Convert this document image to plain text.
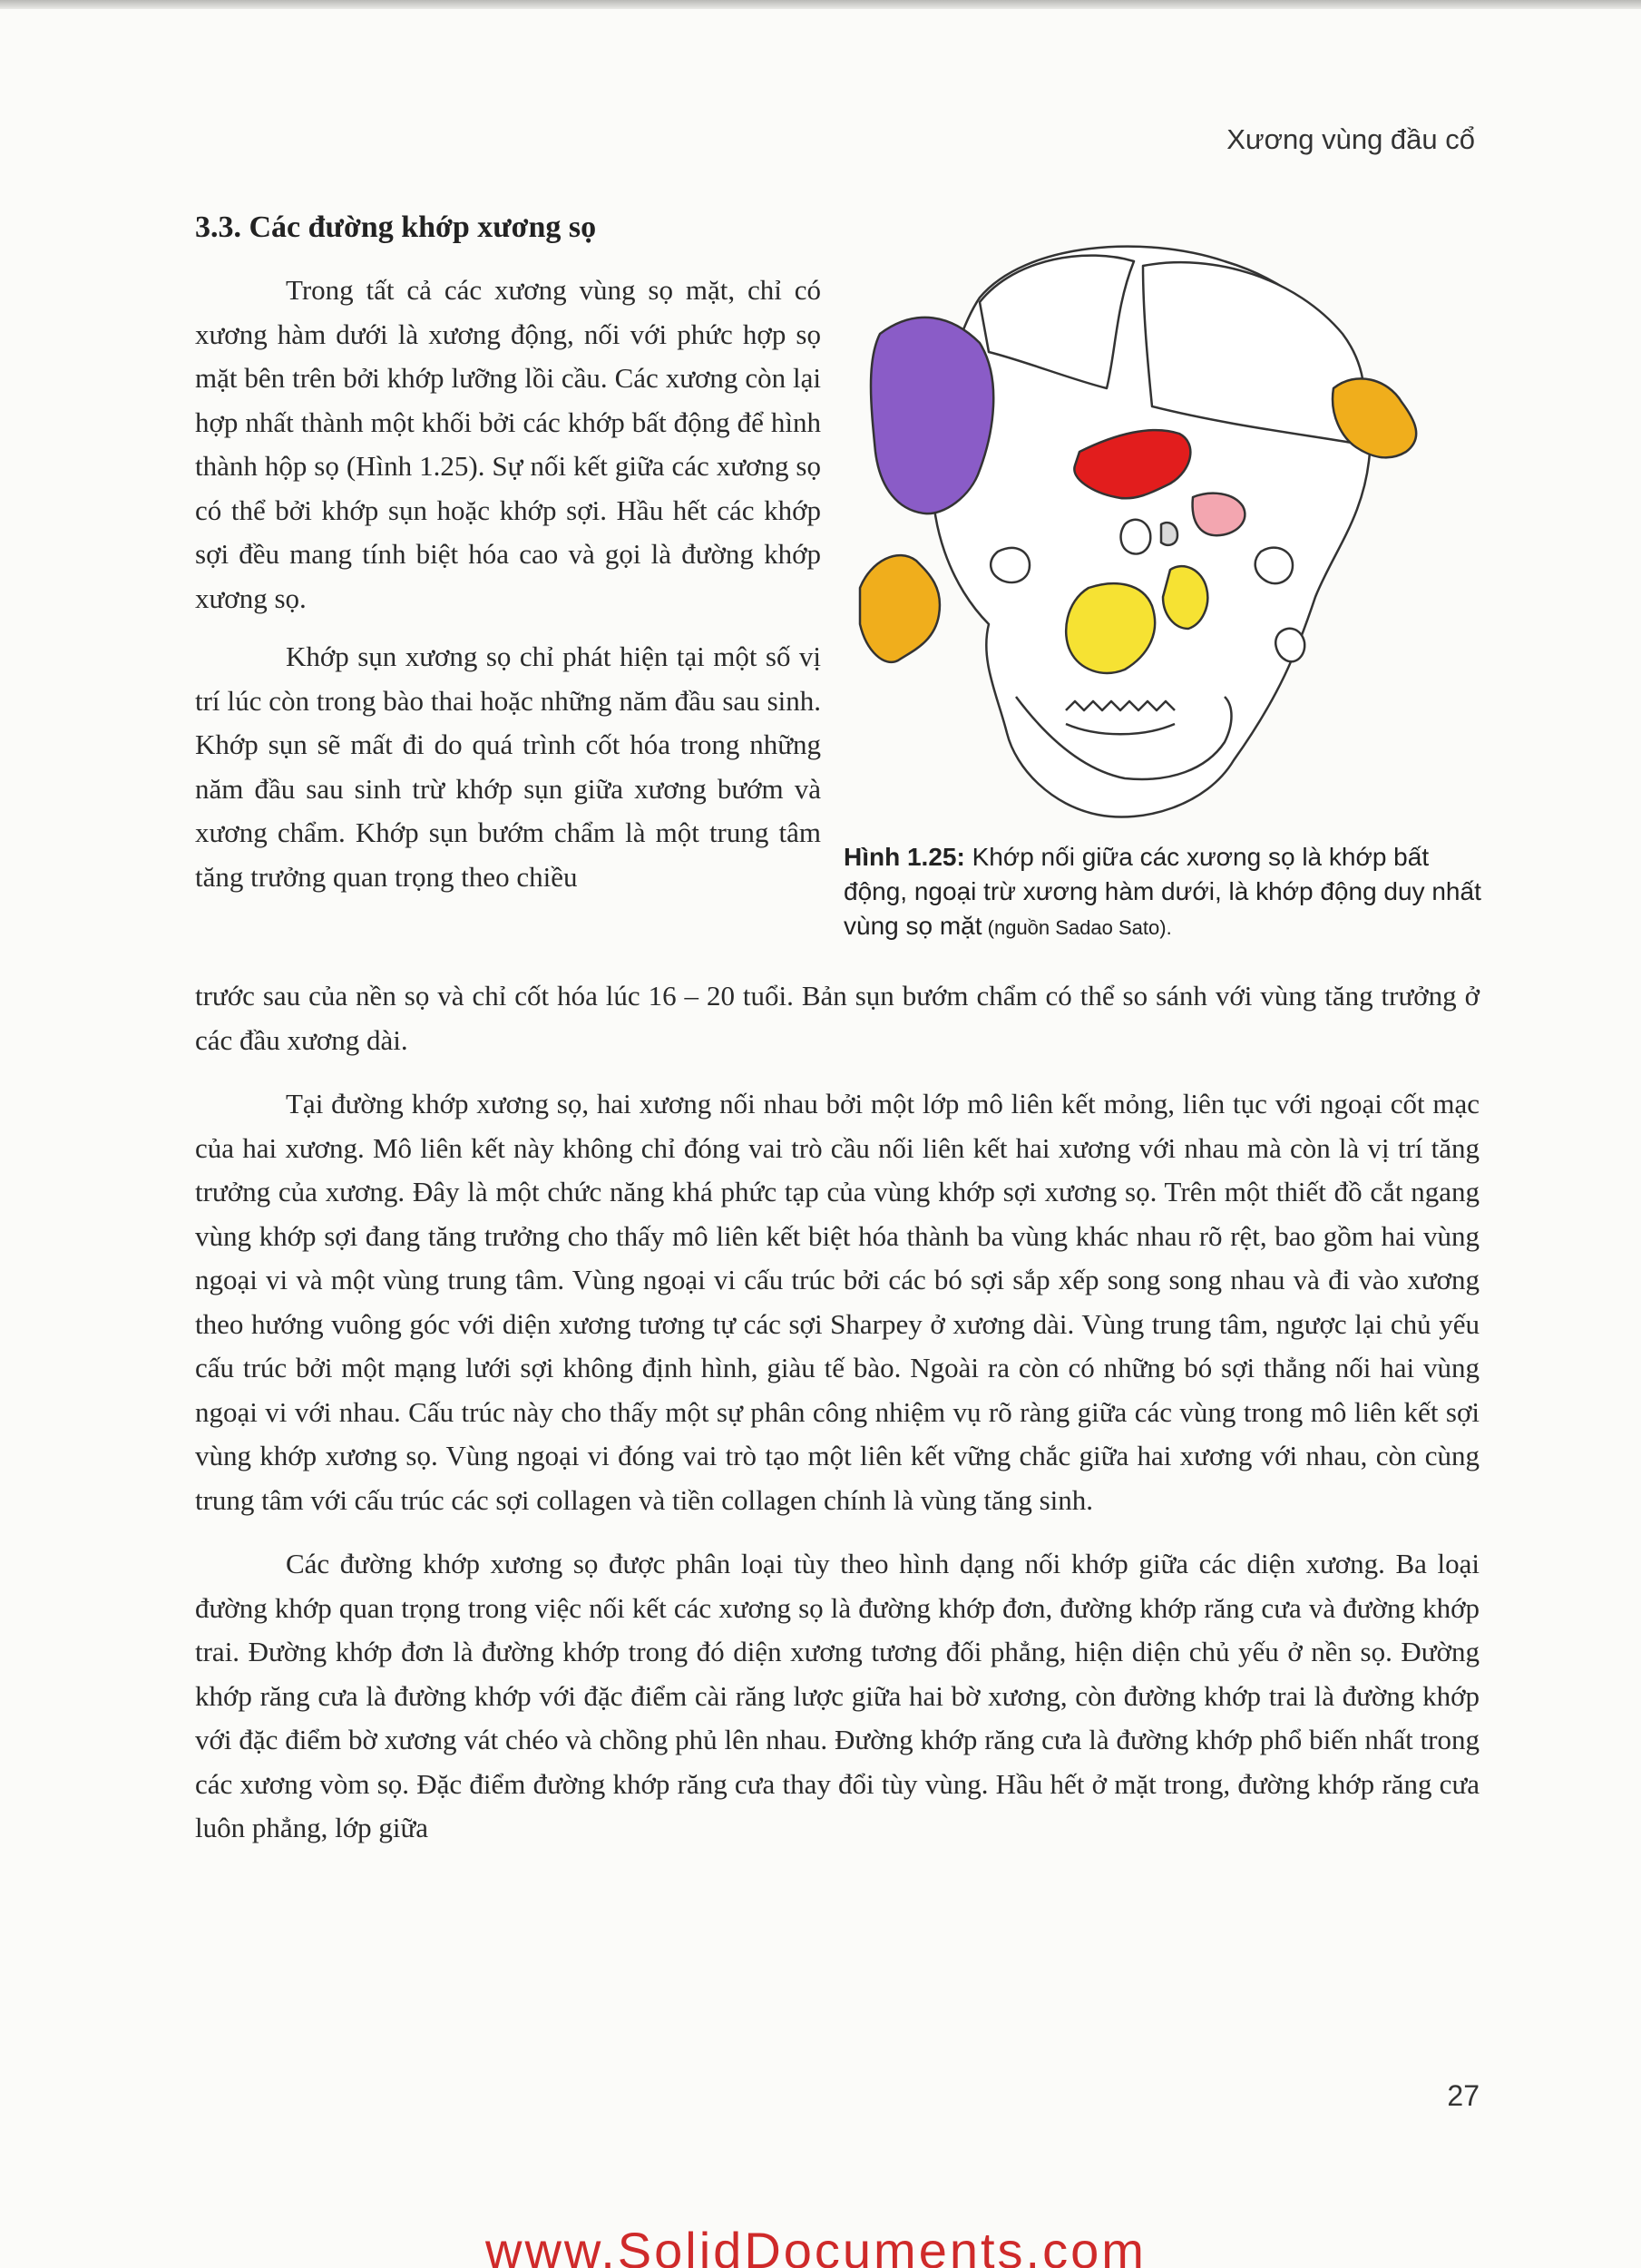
Xương vùng đầu cổ
3.3. Các đường khớp xương sọ

Trong tất cả các xương vùng sọ mặt, chỉ có xương hàm dưới là xương động, nối với phức hợp sọ mặt bên trên bởi khớp lưỡng lồi cầu. Các xương còn lại hợp nhất thành một khối bởi các khớp bất động để hình thành hộp sọ (Hình 1.25). Sự nối kết giữa các xương sọ có thể bởi khớp sụn hoặc khớp sợi. Hầu hết các khớp sợi đều mang tính biệt hóa cao và gọi là đường khớp xương sọ.

Khớp sụn xương sọ chỉ phát hiện tại một số vị trí lúc còn trong bào thai hoặc những năm đầu sau sinh. Khớp sụn sẽ mất đi do quá trình cốt hóa trong những năm đầu sau sinh trừ khớp sụn giữa xương bướm và xương chẩm. Khớp sụn bướm chẩm là một trung tâm tăng trưởng quan trọng theo chiều

Hình 1.25: Khớp nối giữa các xương sọ là khớp bất động, ngoại trừ xương hàm dưới, là khớp động duy nhất vùng sọ mặt (nguồn Sadao Sato).

trước sau của nền sọ và chỉ cốt hóa lúc 16 – 20 tuổi. Bản sụn bướm chẩm có thể so sánh với vùng tăng trưởng ở các đầu xương dài.

Tại đường khớp xương sọ, hai xương nối nhau bởi một lớp mô liên kết mỏng, liên tục với ngoại cốt mạc của hai xương. Mô liên kết này không chỉ đóng vai trò cầu nối liên kết hai xương với nhau mà còn là vị trí tăng trưởng của xương. Đây là một chức năng khá phức tạp của vùng khớp sợi xương sọ. Trên một thiết đồ cắt ngang vùng khớp sợi đang tăng trưởng cho thấy mô liên kết biệt hóa thành ba vùng khác nhau rõ rệt, bao gồm hai vùng ngoại vi và một vùng trung tâm. Vùng ngoại vi cấu trúc bởi các bó sợi sắp xếp song song nhau và đi vào xương theo hướng vuông góc với diện xương tương tự các sợi Sharpey ở xương dài. Vùng trung tâm, ngược lại chủ yếu cấu trúc bởi một mạng lưới sợi không định hình, giàu tế bào. Ngoài ra còn có những bó sợi thẳng nối hai vùng ngoại vi với nhau. Cấu trúc này cho thấy một sự phân công nhiệm vụ rõ ràng giữa các vùng trong mô liên kết sợi vùng khớp xương sọ. Vùng ngoại vi đóng vai trò tạo một liên kết vững chắc giữa hai xương với nhau, còn cùng trung tâm với cấu trúc các sợi collagen và tiền collagen chính là vùng tăng sinh.

Các đường khớp xương sọ được phân loại tùy theo hình dạng nối khớp giữa các diện xương. Ba loại đường khớp quan trọng trong việc nối kết các xương sọ là đường khớp đơn, đường khớp răng cưa và đường khớp trai. Đường khớp đơn là đường khớp trong đó diện xương tương đối phẳng, hiện diện chủ yếu ở nền sọ. Đường khớp răng cưa là đường khớp với đặc điểm cài răng lược giữa hai bờ xương, còn đường khớp trai là đường khớp với đặc điểm bờ xương vát chéo và chồng phủ lên nhau. Đường khớp răng cưa là đường khớp phổ biến nhất trong các xương vòm sọ. Đặc điểm đường khớp răng cưa thay đổi tùy vùng. Hầu hết ở mặt trong, đường khớp răng cưa luôn phẳng, lớp giữa

27
www.SolidDocuments.com
